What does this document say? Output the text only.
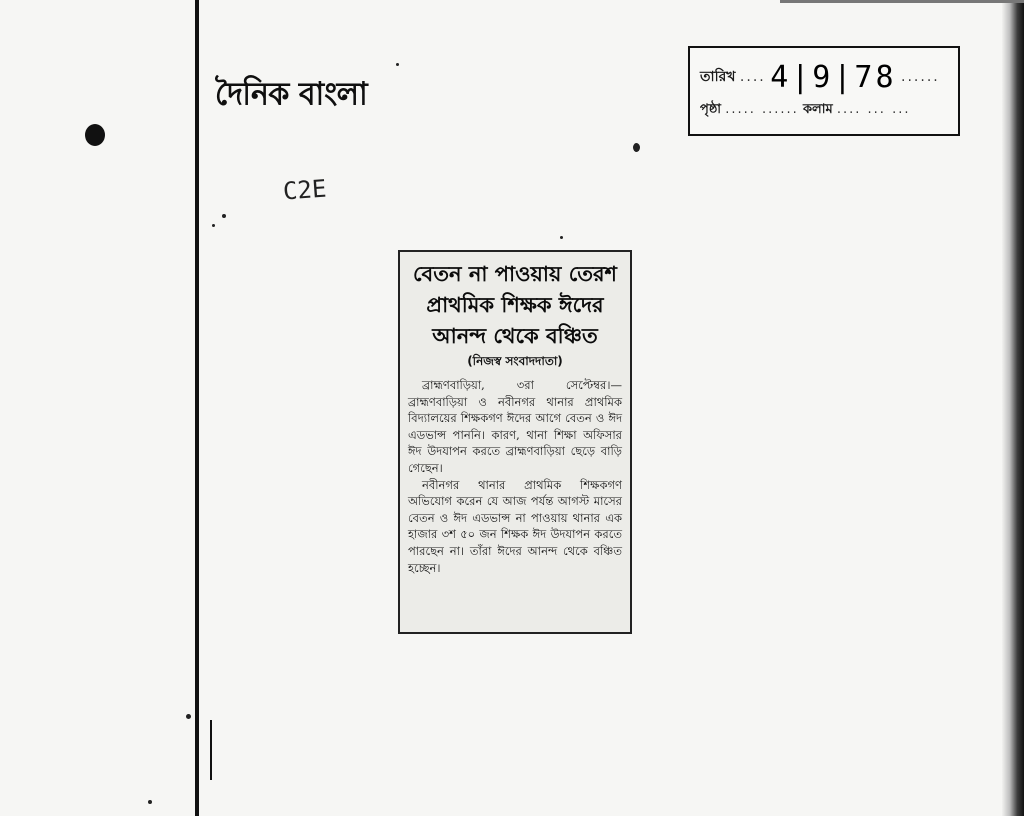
দৈনিক বাংলা
C2E
তারিখ .... 4|9|78 ......
পৃষ্ঠা ..... ...... কলাম .... ... ...
বেতন না পাওয়ায় তেরশ
প্রাথমিক শিক্ষক ঈদের
আনন্দ থেকে বঞ্চিত
(নিজস্ব সংবাদদাতা)

ব্রাহ্মণবাড়িয়া, ৩রা সেপ্টেম্বর।— ব্রাহ্মণবাড়িয়া ও নবীনগর থানার প্রাথমিক বিদ্যালয়ের শিক্ষকগণ ঈদের আগে বেতন ও ঈদ এডভান্স পাননি। কারণ, থানা শিক্ষা অফিসার ঈদ উদযাপন করতে ব্রাহ্মণবাড়িয়া ছেড়ে বাড়ি গেছেন।

নবীনগর থানার প্রাথমিক শিক্ষকগণ অভিযোগ করেন যে আজ পর্যন্ত আগস্ট মাসের বেতন ও ঈদ এডভান্স না পাওয়ায় থানার এক হাজার ৩শ ৫০ জন শিক্ষক ঈদ উদযাপন করতে পারছেন না। তাঁরা ঈদের আনন্দ থেকে বঞ্চিত হচ্ছেন।
